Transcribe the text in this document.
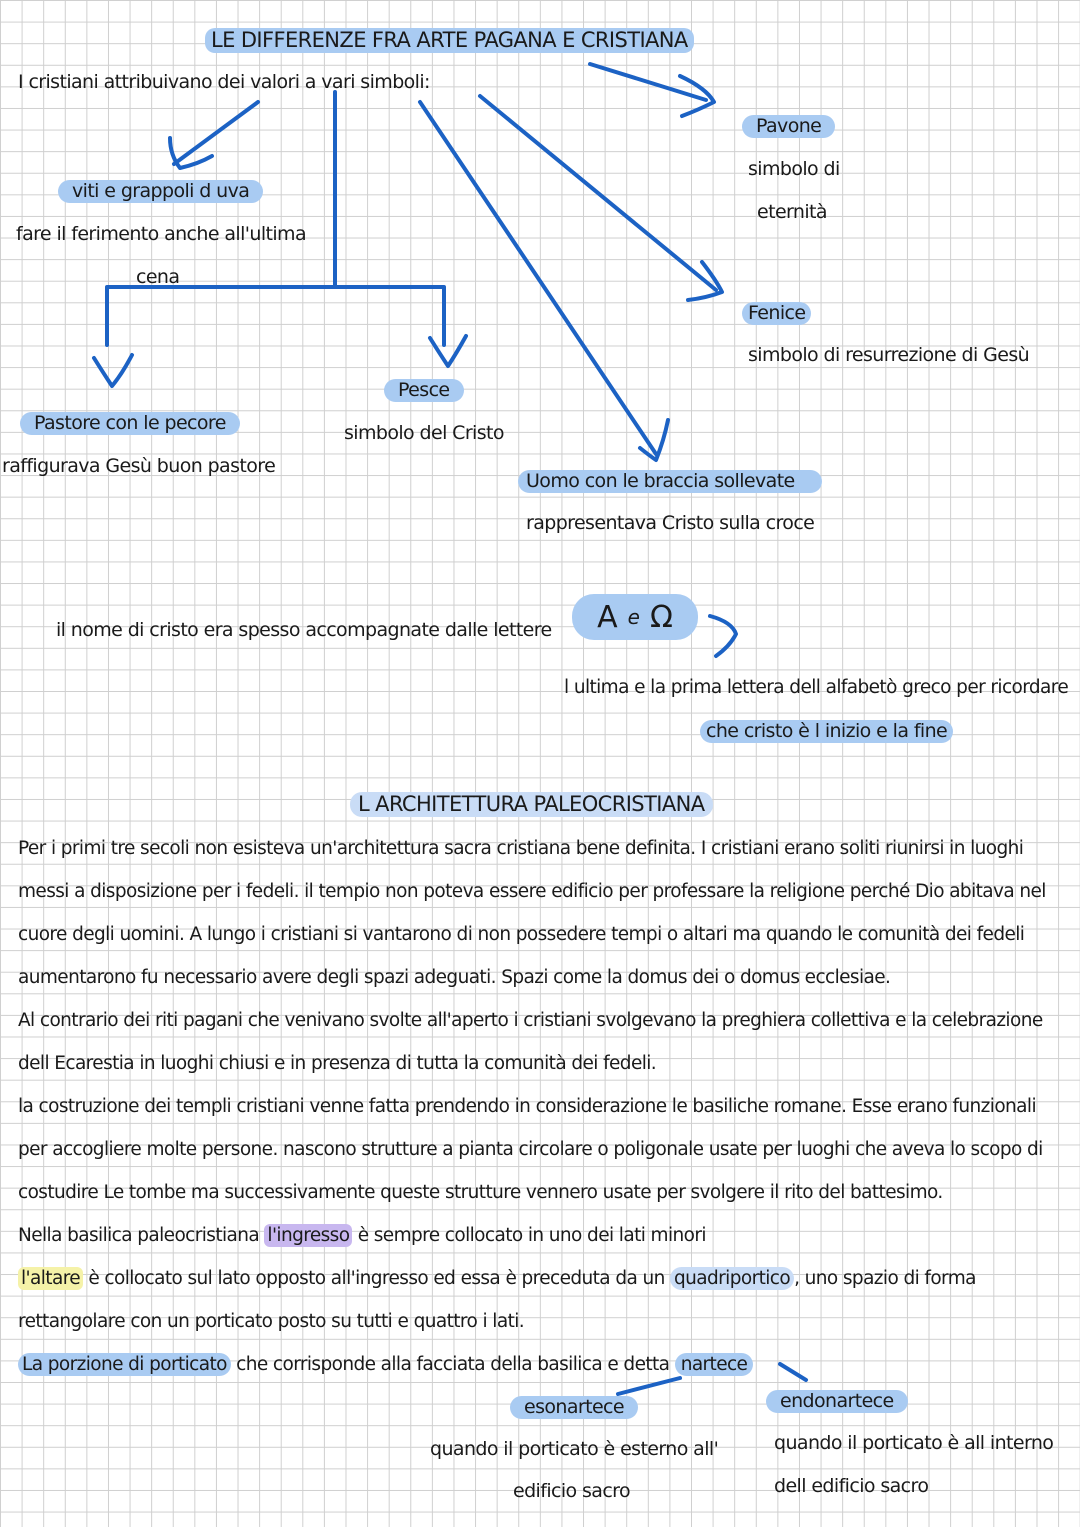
LE DIFFERENZE FRA ARTE PAGANA E CRISTIANA
I cristiani attribuivano dei valori a vari simboli:
viti e grappoli d uva
fare il ferimento anche all'ultima
cena
Pavone
simbolo di
eternità
Fenice
simbolo di resurrezione di Gesù
Pesce
simbolo del Cristo
Pastore con le pecore
raffigurava Gesù buon pastore
Uomo con le braccia sollevate
rappresentava Cristo sulla croce
il nome di cristo era spesso accompagnate dalle lettere A e Ω
l ultima e la prima lettera dell alfabetò greco per ricordare
che cristo è l inizio e la fine
L ARCHITETTURA PALEOCRISTIANA
Per i primi tre secoli non esisteva un'architettura sacra cristiana bene definita. I cristiani erano soliti riunirsi in luoghi
messi a disposizione per i fedeli. il tempio non poteva essere edificio per professare la religione perché Dio abitava nel
cuore degli uomini. A lungo i cristiani si vantarono di non possedere tempi o altari ma quando le comunità dei fedeli
aumentarono fu necessario avere degli spazi adeguati. Spazi come la domus dei o domus ecclesiae.
Al contrario dei riti pagani che venivano svolte all'aperto i cristiani svolgevano la preghiera collettiva e la celebrazione
dell Ecarestia in luoghi chiusi e in presenza di tutta la comunità dei fedeli.
la costruzione dei templi cristiani venne fatta prendendo in considerazione le basiliche romane. Esse erano funzionali
per accogliere molte persone. nascono strutture a pianta circolare o poligonale usate per luoghi che aveva lo scopo di
costudire Le tombe ma successivamente queste strutture vennero usate per svolgere il rito del battesimo.
Nella basilica paleocristiana l'ingresso è sempre collocato in uno dei lati minori
l'altare è collocato sul lato opposto all'ingresso ed essa è preceduta da un quadriportico , uno spazio di forma
rettangolare con un porticato posto su tutti e quattro i lati.
La porzione di porticato che corrisponde alla facciata della basilica e detta nartece
esonartece
quando il porticato è esterno all'
edificio sacro
endonartece
quando il porticato è all interno
dell edificio sacro
